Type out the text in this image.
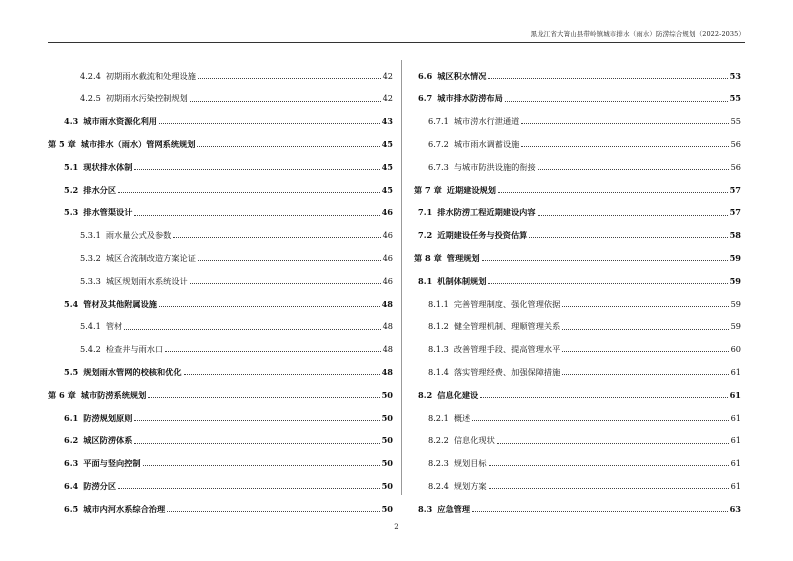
黑龙江省大箐山县带岭镇城市排水（雨水）防涝综合规划（2022-2035）
4.2.4 初期雨水截流和处理设施	42
4.2.5 初期雨水污染控制规划	42
4.3 城市雨水资源化利用	43
第 5 章 城市排水（雨水）管网系统规划	45
5.1 现状排水体制	45
5.2 排水分区	45
5.3 排水管渠设计	46
5.3.1 雨水量公式及参数	46
5.3.2 城区合流制改造方案论证	46
5.3.3 城区规划雨水系统设计	46
5.4 管材及其他附属设施	48
5.4.1 管材	48
5.4.2 检查井与雨水口	48
5.5 规划雨水管网的校核和优化	48
第 6 章 城市防涝系统规划	50
6.1 防涝规划原则	50
6.2 城区防涝体系	50
6.3 平面与竖向控制	50
6.4 防涝分区	50
6.5 城市内河水系综合治理	50
6.6 城区积水情况	53
6.7 城市排水防涝布局	55
6.7.1 城市涝水行泄通道	55
6.7.2 城市雨水调蓄设施	56
6.7.3 与城市防洪设施的衔接	56
第 7 章 近期建设规划	57
7.1 排水防涝工程近期建设内容	57
7.2 近期建设任务与投资估算	58
第 8 章 管理规划	59
8.1 机制体制规划	59
8.1.1 完善管理制度、强化管理依据	59
8.1.2 健全管理机制、理顺管理关系	59
8.1.3 改善管理手段、提高管理水平	60
8.1.4 落实管理经费、加强保障措施	61
8.2 信息化建设	61
8.2.1 概述	61
8.2.2 信息化现状	61
8.2.3 规划目标	61
8.2.4 规划方案	61
8.3 应急管理	63
2
